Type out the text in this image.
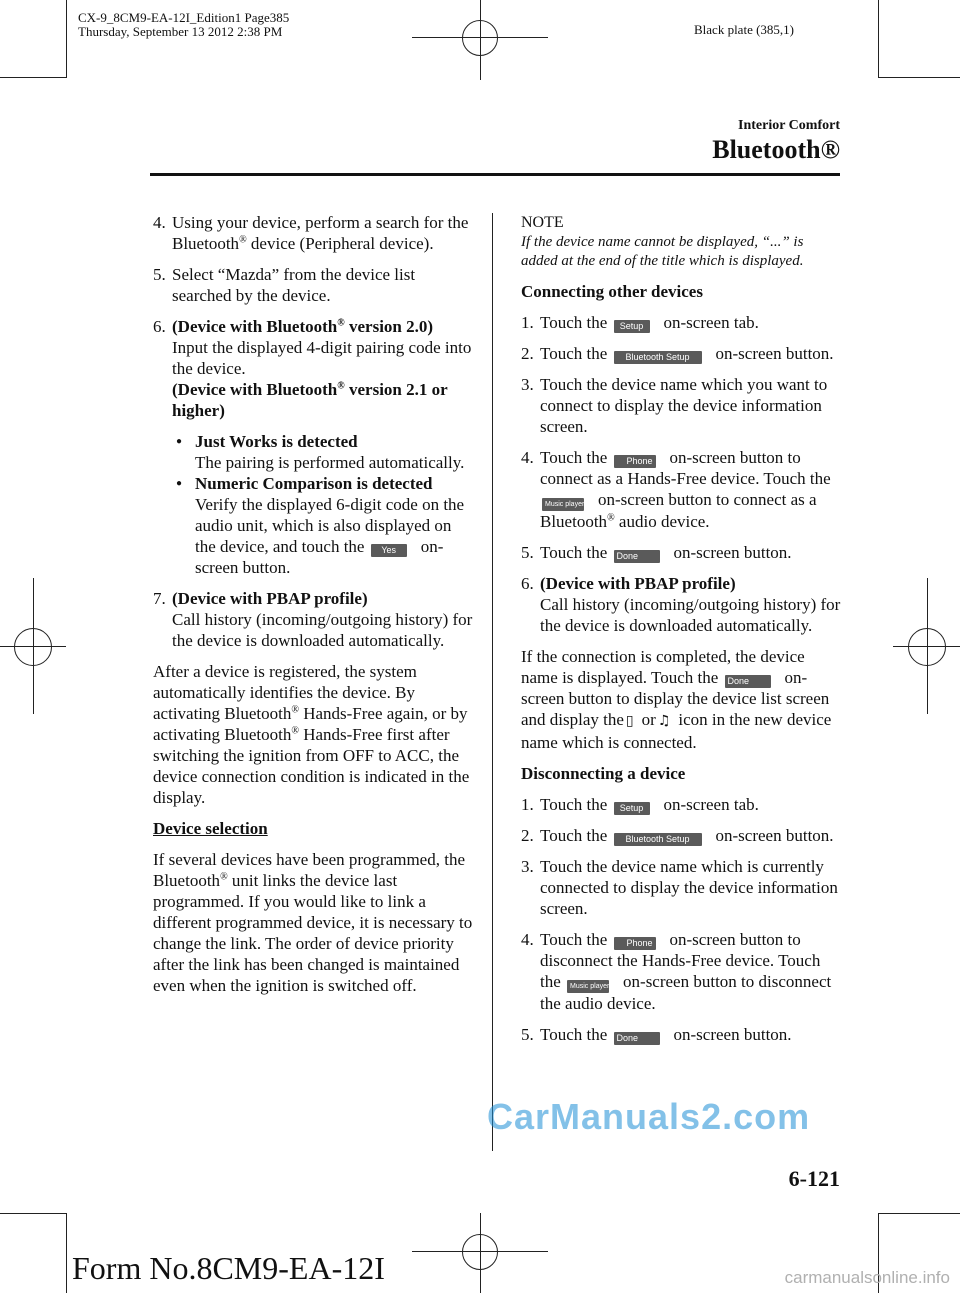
CX-9_8CM9-EA-12I_Edition1 Page385
Thursday, September 13 2012 2:38 PM	Black plate (385,1)
Interior Comfort
Bluetooth®
4. Using your device, perform a search for the Bluetooth® device (Peripheral device).
5. Select “Mazda” from the device list searched by the device.
6. (Device with Bluetooth® version 2.0)
Input the displayed 4-digit pairing code into the device.
(Device with Bluetooth® version 2.1 or higher)
● Just Works is detected
The pairing is performed automatically.
● Numeric Comparison is detected
Verify the displayed 6-digit code on the audio unit, which is also displayed on the device, and touch the Yes on-screen button.
7. (Device with PBAP profile)
Call history (incoming/outgoing history) for the device is downloaded automatically.

After a device is registered, the system automatically identifies the device. By activating Bluetooth® Hands-Free again, or by activating Bluetooth® Hands-Free first after switching the ignition from OFF to ACC, the device connection condition is indicated in the display.

Device selection

If several devices have been programmed, the Bluetooth® unit links the device last programmed. If you would like to link a different programmed device, it is necessary to change the link. The order of device priority after the link has been changed is maintained even when the ignition is switched off.

NOTE

If the device name cannot be displayed, “...” is added at the end of the title which is displayed.

Connecting other devices

1. Touch the Setup on-screen tab.
2. Touch the Bluetooth Setup on-screen button.
3. Touch the device name which you want to connect to display the device information screen.
4. Touch the Phone on-screen button to connect as a Hands-Free device. Touch the Music player on-screen button to connect as a Bluetooth® audio device.
5. Touch the Done on-screen button.
6. (Device with PBAP profile)
Call history (incoming/outgoing history) for the device is downloaded automatically.

If the connection is completed, the device name is displayed. Touch the Done on-screen button to display the device list screen and display the ▯ or ♫ icon in the new device name which is connected.

Disconnecting a device

1. Touch the Setup on-screen tab.
2. Touch the Bluetooth Setup on-screen button.
3. Touch the device name which is currently connected to display the device information screen.
4. Touch the Phone on-screen button to disconnect the Hands-Free device. Touch the Music player on-screen button to disconnect the audio device.
5. Touch the Done on-screen button.
CarManuals2.com
6-121
Form No.8CM9-EA-12I	carmanualsonline.info
